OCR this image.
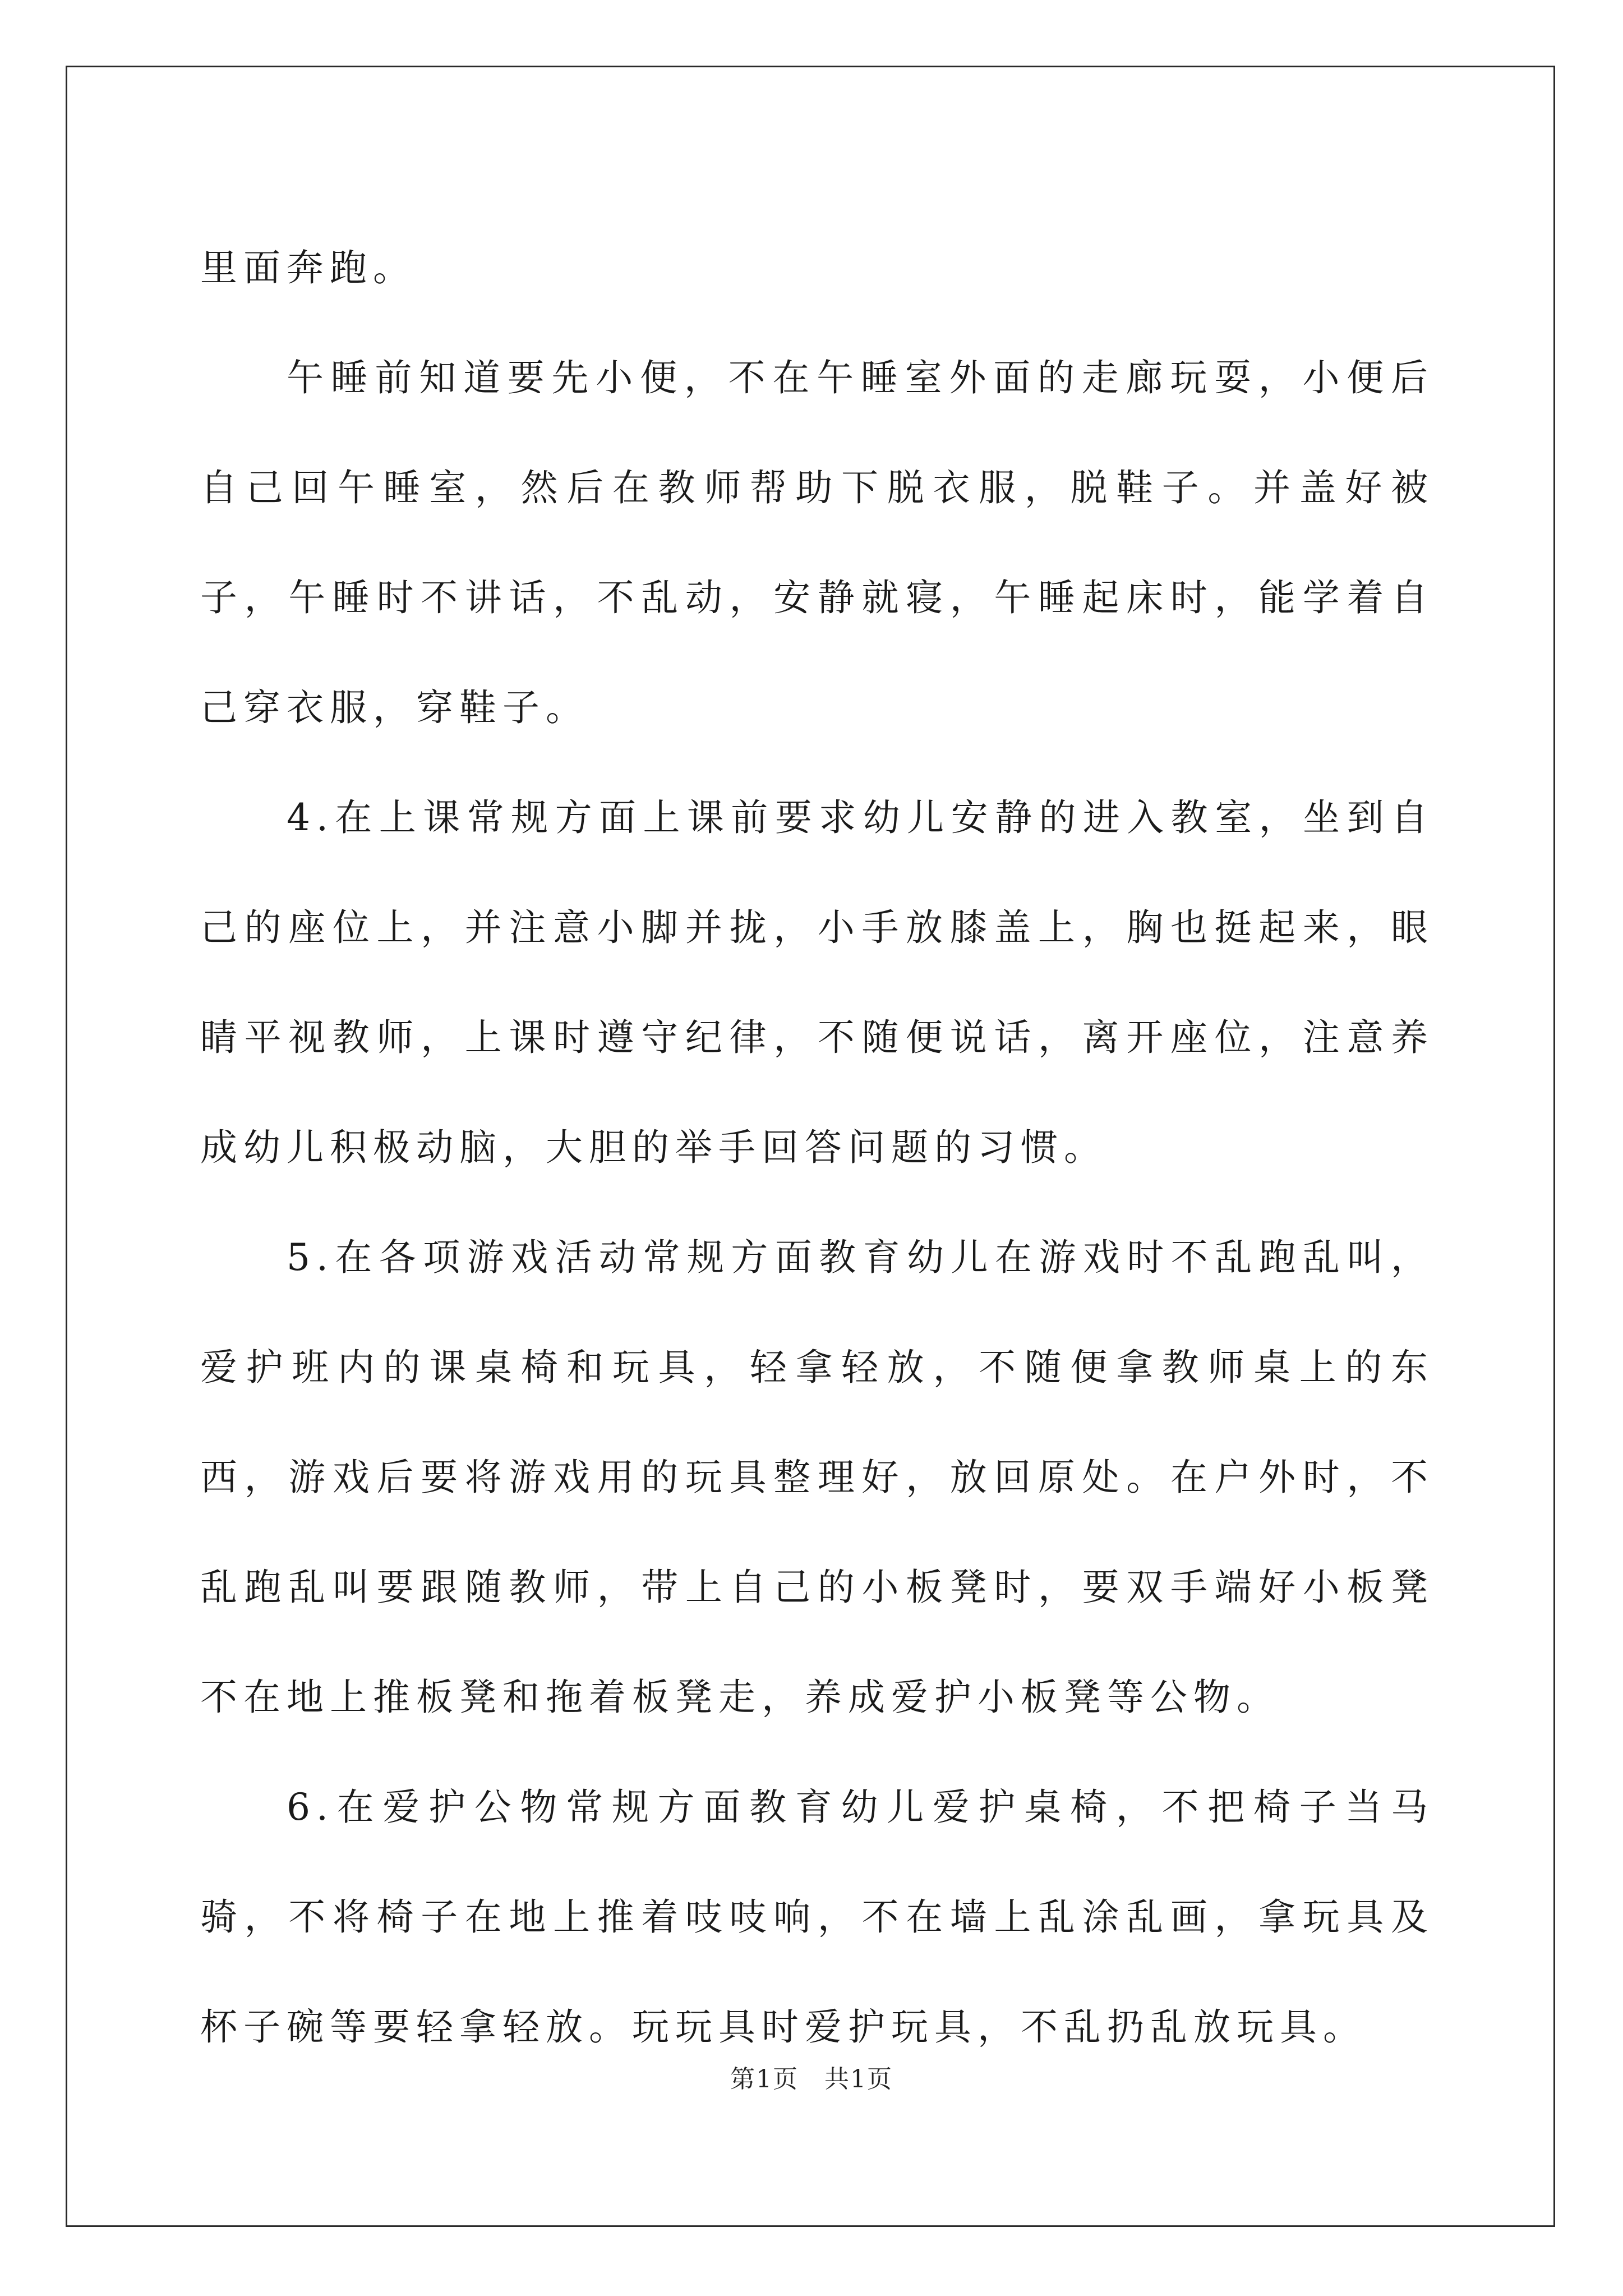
里面奔跑。

午睡前知道要先小便，不在午睡室外面的走廊玩耍，小便后自己回午睡室，然后在教师帮助下脱衣服，脱鞋子。并盖好被子，午睡时不讲话，不乱动，安静就寝，午睡起床时，能学着自己穿衣服，穿鞋子。

4.在上课常规方面上课前要求幼儿安静的进入教室，坐到自己的座位上，并注意小脚并拢，小手放膝盖上，胸也挺起来，眼睛平视教师，上课时遵守纪律，不随便说话，离开座位，注意养成幼儿积极动脑，大胆的举手回答问题的习惯。

5.在各项游戏活动常规方面教育幼儿在游戏时不乱跑乱叫，爱护班内的课桌椅和玩具，轻拿轻放，不随便拿教师桌上的东西，游戏后要将游戏用的玩具整理好，放回原处。在户外时，不乱跑乱叫要跟随教师，带上自己的小板凳时，要双手端好小板凳不在地上推板凳和拖着板凳走，养成爱护小板凳等公物。

6.在爱护公物常规方面教育幼儿爱护桌椅，不把椅子当马骑，不将椅子在地上推着吱吱响，不在墙上乱涂乱画，拿玩具及杯子碗等要轻拿轻放。玩玩具时爱护玩具，不乱扔乱放玩具。

第1页　共1页
